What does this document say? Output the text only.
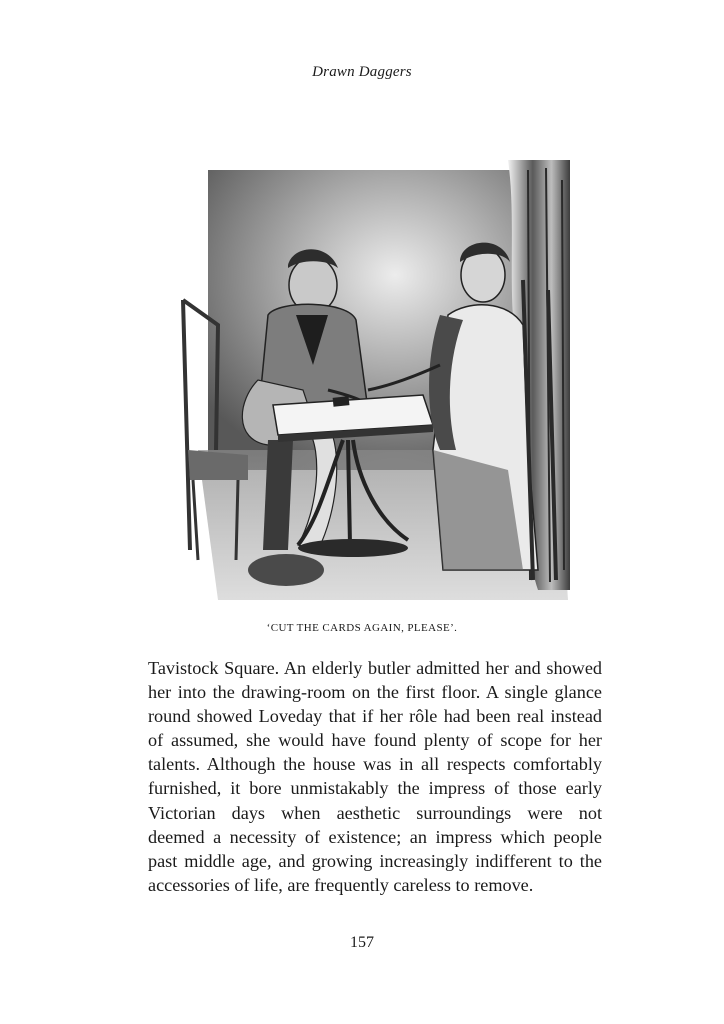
Drawn Daggers
‘CUT THE CARDS AGAIN, PLEASE’.

Tavistock Square. An elderly butler admitted her and showed
her into the drawing-room on the first floor. A single glance
round showed Loveday that if her rôle had been real instead
of assumed, she would have found plenty of scope for her
talents. Although the house was in all respects comfortably
furnished, it bore unmistakably the impress of those early
Victorian days when aesthetic surroundings were not
deemed a necessity of existence; an impress which people
past middle age, and growing increasingly indifferent to the
accessories of life, are frequently careless to remove.

157
